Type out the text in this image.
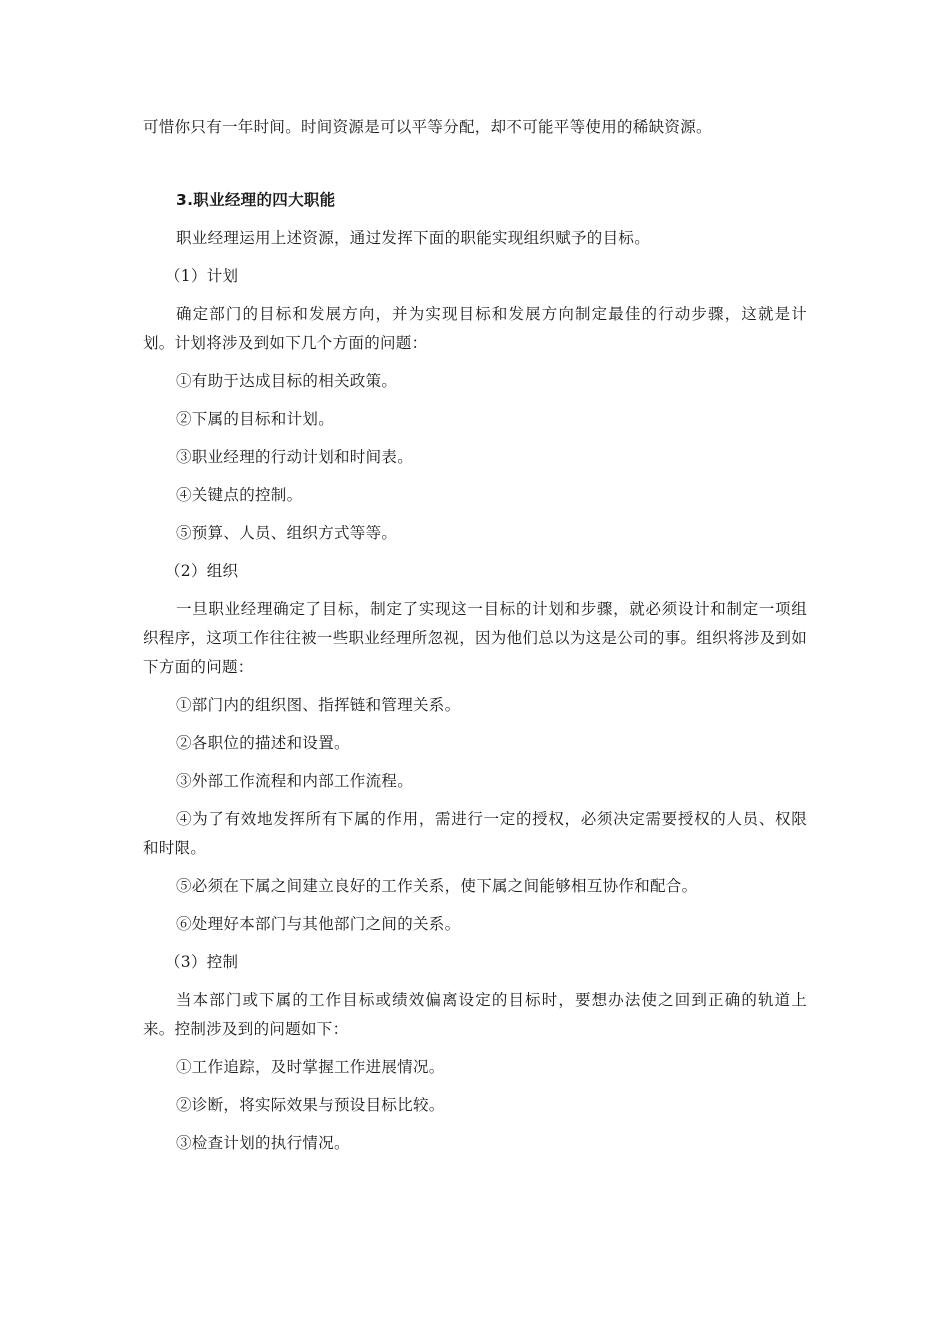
可惜你只有一年时间。时间资源是可以平等分配，却不可能平等使用的稀缺资源。

3.职业经理的四大职能

职业经理运用上述资源，通过发挥下面的职能实现组织赋予的目标。

（1）计划

确定部门的目标和发展方向，并为实现目标和发展方向制定最佳的行动步骤，这就是计划。计划将涉及到如下几个方面的问题：

①有助于达成目标的相关政策。

②下属的目标和计划。

③职业经理的行动计划和时间表。

④关键点的控制。

⑤预算、人员、组织方式等等。

（2）组织

一旦职业经理确定了目标，制定了实现这一目标的计划和步骤，就必须设计和制定一项组织程序，这项工作往往被一些职业经理所忽视，因为他们总以为这是公司的事。组织将涉及到如下方面的问题：

①部门内的组织图、指挥链和管理关系。

②各职位的描述和设置。

③外部工作流程和内部工作流程。

④为了有效地发挥所有下属的作用，需进行一定的授权，必须决定需要授权的人员、权限和时限。

⑤必须在下属之间建立良好的工作关系，使下属之间能够相互协作和配合。

⑥处理好本部门与其他部门之间的关系。

（3）控制

当本部门或下属的工作目标或绩效偏离设定的目标时，要想办法使之回到正确的轨道上来。控制涉及到的问题如下：

①工作追踪，及时掌握工作进展情况。

②诊断，将实际效果与预设目标比较。

③检查计划的执行情况。
